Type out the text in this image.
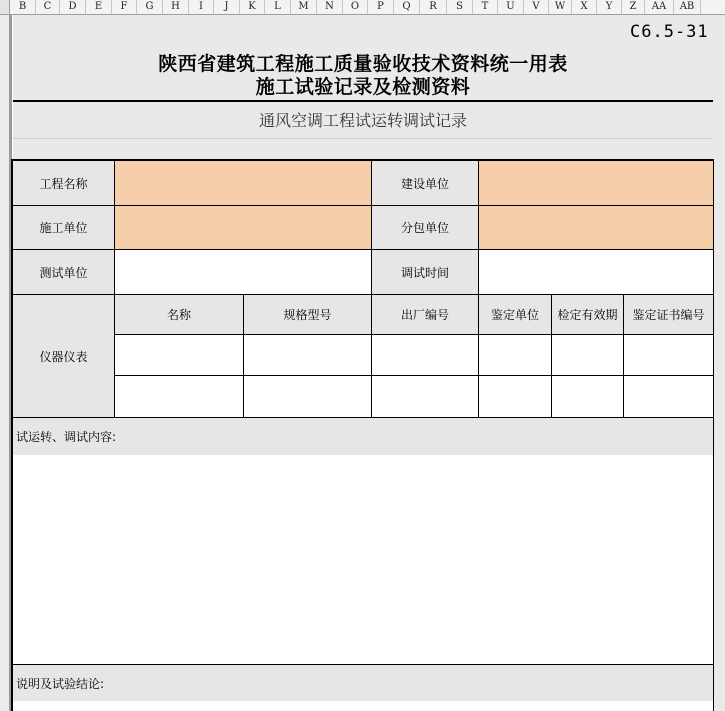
B	C	D	E	F	G	H	I	J	K	L	M	N	O	P	Q	R	S	T	U	V	W	X	Y	Z	AA	AB
C6.5-31
陕西省建筑工程施工质量验收技术资料统一用表
施工试验记录及检测资料
通风空调工程试运转调试记录
工程名称	建设单位
施工单位	分包单位
测试单位	调试时间
仪器仪表
名称	规格型号	出厂编号	鉴定单位	检定有效期	鉴定证书编号
试运转、调试内容:
说明及试验结论:
